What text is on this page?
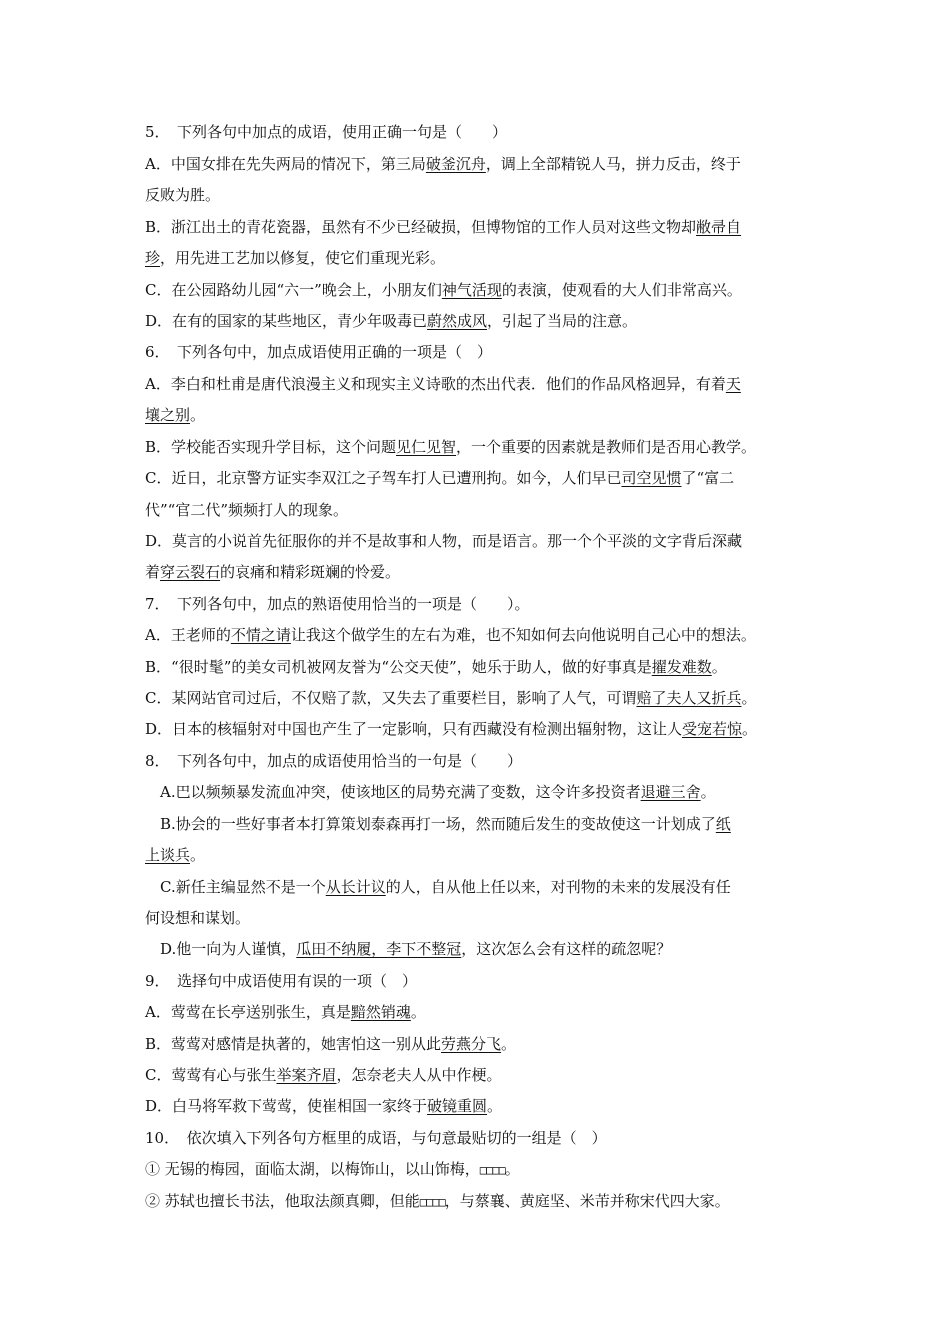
5．　下列各句中加点的成语，使用正确一句是（　　）
A．中国女排在先失两局的情况下，第三局破釜沉舟，调上全部精锐人马，拼力反击，终于
反败为胜。
B．浙江出土的青花瓷器，虽然有不少已经破损，但博物馆的工作人员对这些文物却敝帚自
珍，用先进工艺加以修复，使它们重现光彩。
C．在公园路幼儿园“六一”晚会上，小朋友们神气活现的表演，使观看的大人们非常高兴。
D．在有的国家的某些地区，青少年吸毒已蔚然成风，引起了当局的注意。
6．　下列各句中，加点成语使用正确的一项是（　）
A．李白和杜甫是唐代浪漫主义和现实主义诗歌的杰出代表．他们的作品风格迥异，有着天
壤之别。
B．学校能否实现升学目标，这个问题见仁见智，一个重要的因素就是教师们是否用心教学。
C．近日，北京警方证实李双江之子驾车打人已遭刑拘。如今，人们早已司空见惯了“富二
代”“官二代”频频打人的现象。
D．莫言的小说首先征服你的并不是故事和人物，而是语言。那一个个平淡的文字背后深藏
着穿云裂石的哀痛和精彩斑斓的怜爱。
7．　下列各句中，加点的熟语使用恰当的一项是（　　）。
A．王老师的不情之请让我这个做学生的左右为难，也不知如何去向他说明自己心中的想法。
B．“很时髦”的美女司机被网友誉为“公交天使”，她乐于助人，做的好事真是擢发难数。
C．某网站官司过后，不仅赔了款，又失去了重要栏目，影响了人气，可谓赔了夫人又折兵。
D．日本的核辐射对中国也产生了一定影响，只有西藏没有检测出辐射物，这让人受宠若惊。
8．　下列各句中，加点的成语使用恰当的一句是（　　）
A.巴以频频暴发流血冲突，使该地区的局势充满了变数，这令许多投资者退避三舍。
B.协会的一些好事者本打算策划泰森再打一场，然而随后发生的变故使这一计划成了纸
上谈兵。
C.新任主编显然不是一个从长计议的人，自从他上任以来，对刊物的未来的发展没有任
何设想和谋划。
D.他一向为人谨慎，瓜田不纳履，李下不整冠，这次怎么会有这样的疏忽呢？
9．　选择句中成语使用有误的一项（　）
A．莺莺在长亭送别张生，真是黯然销魂。
B．莺莺对感情是执著的，她害怕这一别从此劳燕分飞。
C．莺莺有心与张生举案齐眉，怎奈老夫人从中作梗。
D．白马将军救下莺莺，使崔相国一家终于破镜重圆。
10．　依次填入下列各句方框里的成语，与句意最贴切的一组是（　）
① 无锡的梅园，面临太湖，以梅饰山，以山饰梅，□□□□。
② 苏轼也擅长书法，他取法颜真卿，但能□□□□，与蔡襄、黄庭坚、米芾并称宋代四大家。
